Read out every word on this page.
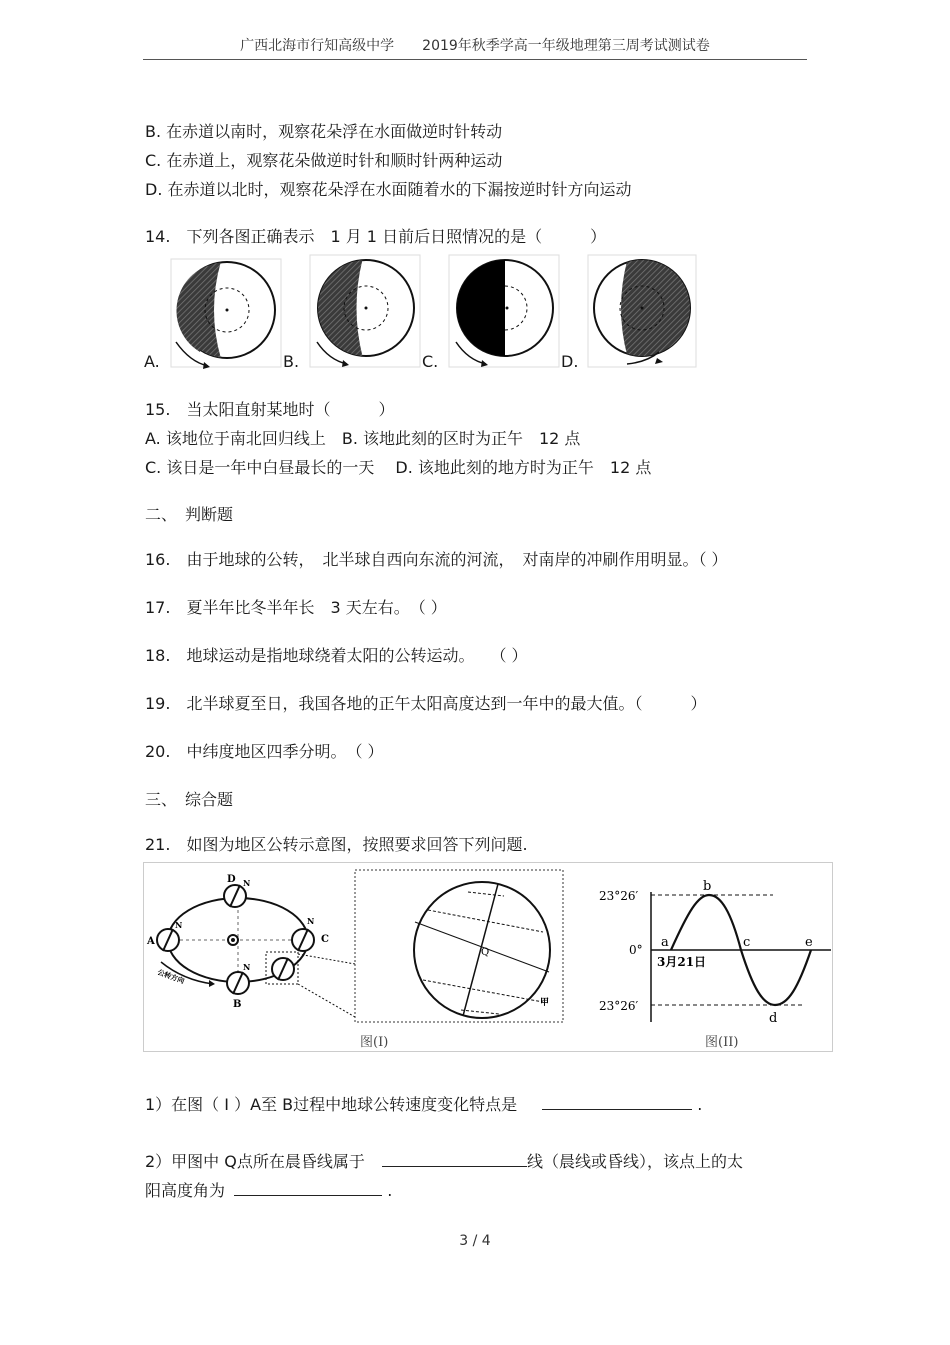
广西北海市行知高级中学　　2019年秋季学高一年级地理第三周考试测试卷
B. 在赤道以南时，观察花朵浮在水面做逆时针转动
C. 在赤道上，观察花朵做逆时针和顺时针两种运动
D. 在赤道以北时，观察花朵浮在水面随着水的下漏按逆时针方向运动
14.　下列各图正确表示　1 月 1 日前后日照情况的是（　　　）
A.	B.	C.	D.
15.　当太阳直射某地时（　　　）
A. 该地位于南北回归线上　B. 该地此刻的区时为正午　12 点
C. 该日是一年中白昼最长的一天　 D. 该地此刻的地方时为正午　12 点
二、　判断题
16.　由于地球的公转，　北半球自西向东流的河流，　对南岸的冲刷作用明显。（ ）
17.　夏半年比冬半年长　3 天左右。　（ ）
18.　地球运动是指地球绕着太阳的公转运动。　　（ ）
19.　北半球夏至日，我国各地的正午太阳高度达到一年中的最大值。（　　　）
20.　中纬度地区四季分明。　（ ）
三、　综合题
21.　如图为地区公转示意图，按照要求回答下列问题.
D N
A
N
C
N
B
N
公转方向
Q
甲
图(I)
23°26′
0°
23°26′
a
b
c
d
e
3月21日
图(II)
1）在图（ I ）A至 B过程中地球公转速度变化特点是	.
2）甲图中 Q点所在晨昏线属于	线（晨线或昏线），该点上的太
阳高度角为	.
3 / 4
